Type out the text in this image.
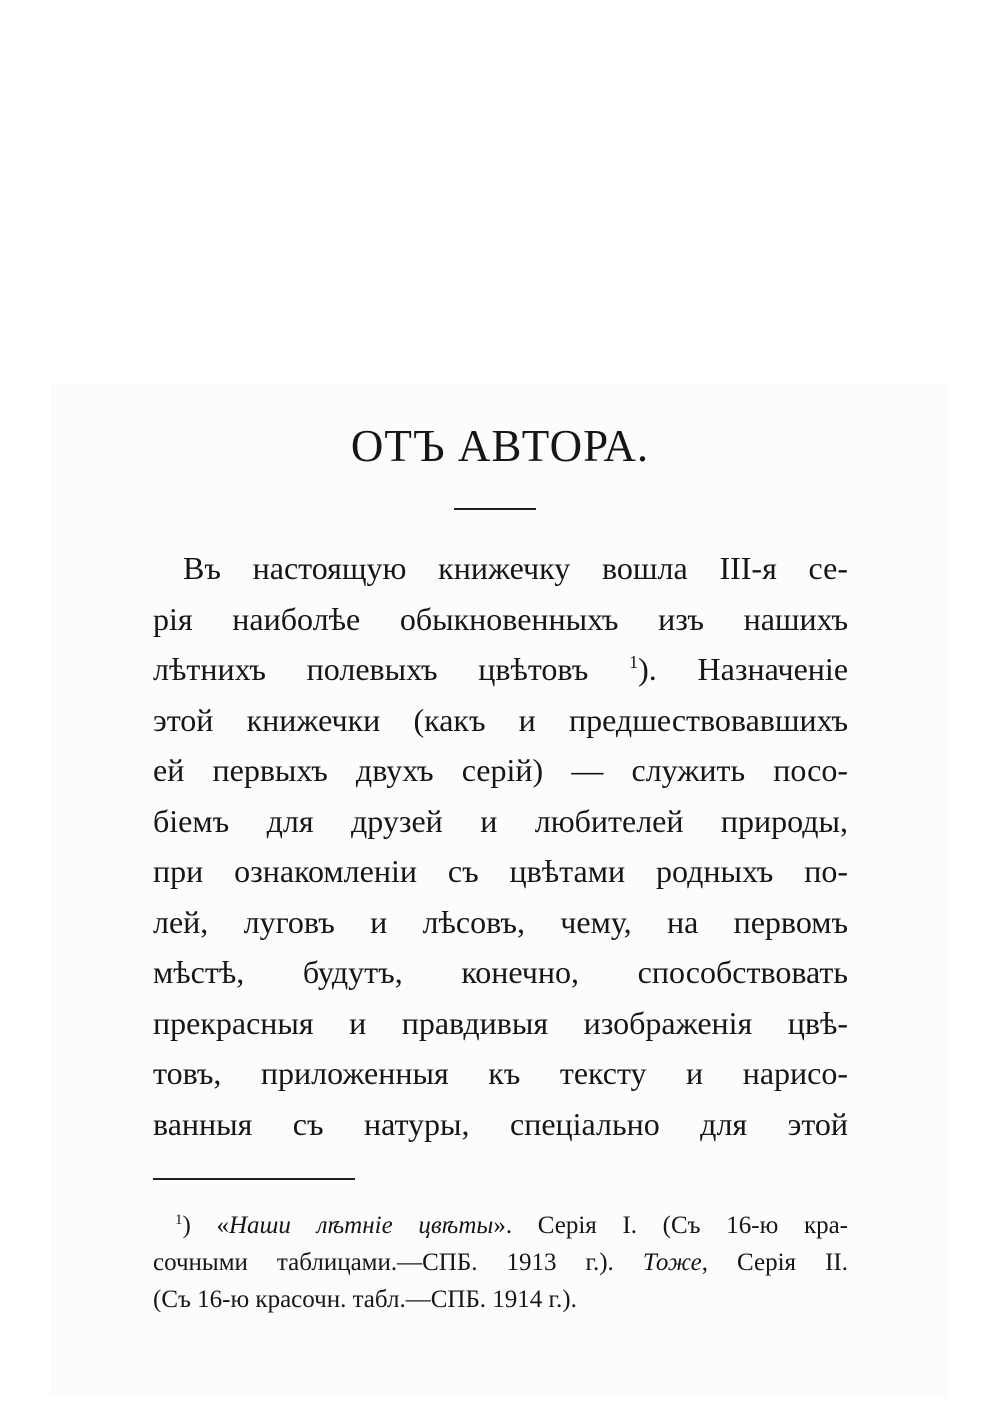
ОТЪ АВТОРА.
Въ настоящую книжечку вошла III-я се-
рія наиболѣе обыкновенныхъ изъ нашихъ
лѣтнихъ полевыхъ цвѣтовъ $^1$). Назначеніе
этой книжечки (какъ и предшествовавшихъ
ей первыхъ двухъ серій) — служить посо-
біемъ для друзей и любителей природы,
при ознакомленіи съ цвѣтами родныхъ по-
лей, луговъ и лѣсовъ, чему, на первомъ
мѣстѣ, будутъ, конечно, способствовать
прекрасныя и правдивыя изображенія цвѣ-
товъ, приложенныя къ тексту и нарисо-
ванныя съ натуры, спеціально для этой
$^1$) «Наши лѣтніе цвѣты». Серія I. (Съ 16-ю кра-
сочными таблицами.—СПБ. 1913 г.). Тоже, Серія II.
(Съ 16-ю красочн. табл.—СПБ. 1914 г.).
